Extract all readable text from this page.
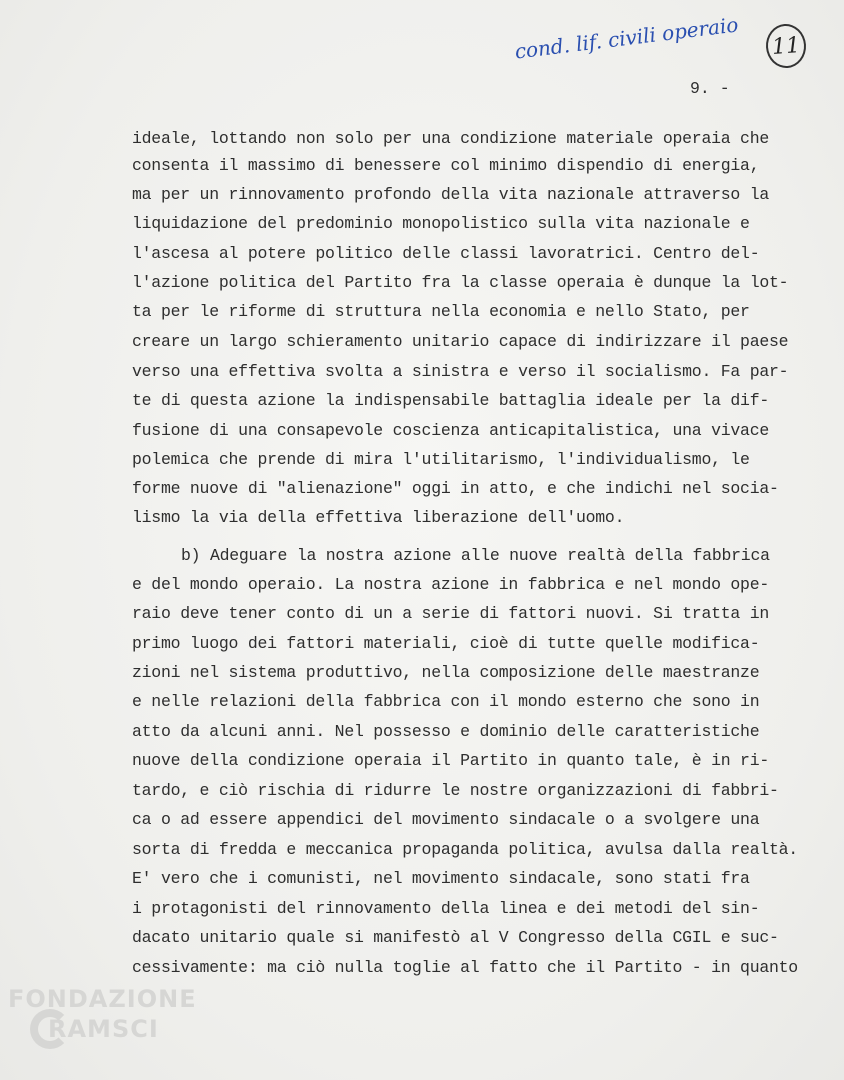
cond. lif. civili operaio	11
9. -
ideale, lottando non solo per una condizione materiale operaia che
consenta il massimo di benessere col minimo dispendio di energia,
ma per un rinnovamento profondo della vita nazionale attraverso la
liquidazione del predominio monopolistico sulla vita nazionale e
l'ascesa al potere politico delle classi lavoratrici. Centro del-
l'azione politica del Partito fra la classe operaia è dunque la lot-
ta per le riforme di struttura nella economia e nello Stato, per
creare un largo schieramento unitario capace di indirizzare il paese
verso una effettiva svolta a sinistra e verso il socialismo. Fa par-
te di questa azione la indispensabile battaglia ideale per la dif-
fusione di una consapevole coscienza anticapitalistica, una vivace
polemica che prende di mira l'utilitarismo, l'individualismo, le
forme nuove di "alienazione" oggi in atto, e che indichi nel socia-
lismo la via della effettiva liberazione dell'uomo.
b) Adeguare la nostra azione alle nuove realtà della fabbrica
e del mondo operaio. La nostra azione in fabbrica e nel mondo ope-
raio deve tener conto di un a serie di fattori nuovi. Si tratta in
primo luogo dei fattori materiali, cioè di tutte quelle modifica-
zioni nel sistema produttivo, nella composizione delle maestranze
e nelle relazioni della fabbrica con il mondo esterno che sono in
atto da alcuni anni. Nel possesso e dominio delle caratteristiche
nuove della condizione operaia il Partito in quanto tale, è in ri-
tardo, e ciò rischia di ridurre le nostre organizzazioni di fabbri-
ca o ad essere appendici del movimento sindacale o a svolgere una
sorta di fredda e meccanica propaganda politica, avulsa dalla realtà.
E' vero che i comunisti, nel movimento sindacale, sono stati fra
i protagonisti del rinnovamento della linea e dei metodi del sin-
dacato unitario quale si manifestò al V Congresso della CGIL e suc-
cessivamente: ma ciò nulla toglie al fatto che il Partito - in quanto
FONDAZIONE
RAMSCI
